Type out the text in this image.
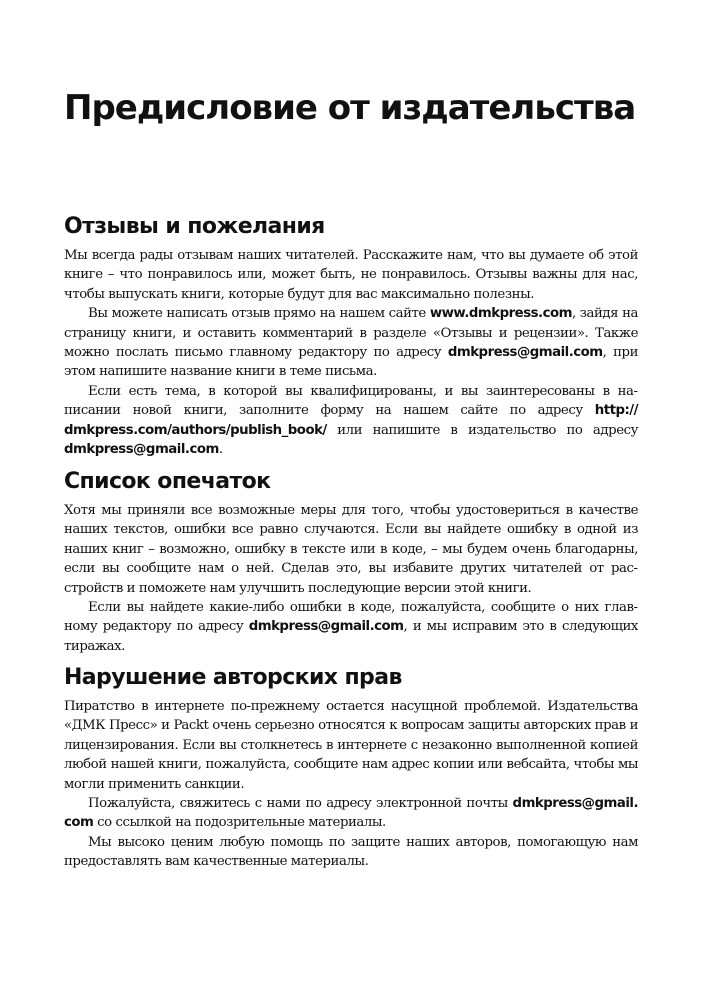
Предисловие от издательства
Отзывы и пожелания

Мы всегда рады отзывам наших читателей. Расскажите нам, что вы думаете об этой книге – что понравилось или, может быть, не понравилось. Отзывы важны для нас, чтобы выпускать книги, которые будут для вас максимально полезны.

Вы можете написать отзыв прямо на нашем сайте www.dmkpress.com, зайдя на страницу книги, и оставить комментарий в разделе «Отзывы и рецензии». Также можно послать письмо главному редактору по адресу dmkpress@gmail.com, при этом напишите название книги в теме письма.

Если есть тема, в которой вы квалифицированы, и вы заинтересованы в написании новой книги, заполните форму на нашем сайте по адресу http://​dmkpress.com/authors/publish_book/ или напишите в издательство по адресу dmkpress@gmail.com.

Список опечаток

Хотя мы приняли все возможные меры для того, чтобы удостовериться в качестве наших текстов, ошибки все равно случаются. Если вы найдете ошибку в одной из наших книг – возможно, ошибку в тексте или в коде, – мы будем очень благодарны, если вы сообщите нам о ней. Сделав это, вы избавите других читателей от расстройств и поможете нам улучшить последующие версии этой книги.

Если вы найдете какие-либо ошибки в коде, пожалуйста, сообщите о них главному редактору по адресу dmkpress@gmail.com, и мы исправим это в следующих тиражах.

Нарушение авторских прав

Пиратство в интернете по-прежнему остается насущной проблемой. Издательства «ДМК Пресс» и Packt очень серьезно относятся к вопросам защиты авторских прав и лицензирования. Если вы столкнетесь в интернете с незаконно выполненной копией любой нашей книги, пожалуйста, сообщите нам адрес копии или вебсайта, чтобы мы могли применить санкции.

Пожалуйста, свяжитесь с нами по адресу электронной почты dmkpress@gmail.​com со ссылкой на подозрительные материалы.

Мы высоко ценим любую помощь по защите наших авторов, помогающую нам предоставлять вам качественные материалы.
